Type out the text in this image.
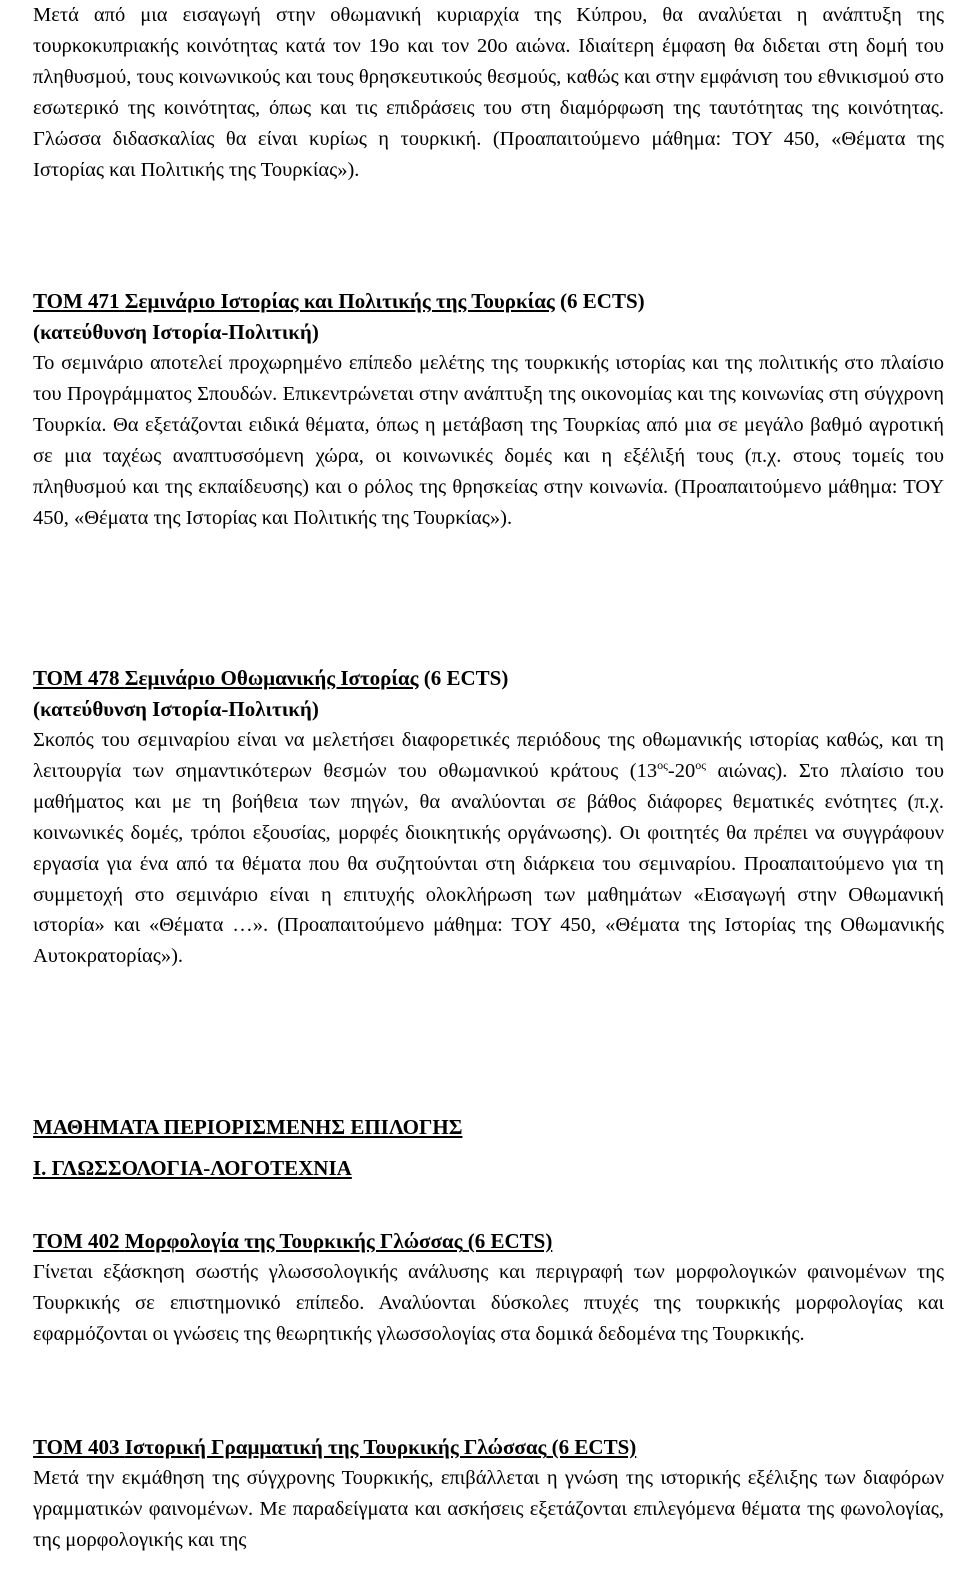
Μετά από μια εισαγωγή στην οθωμανική κυριαρχία της Κύπρου, θα αναλύεται η ανάπτυξη της τουρκοκυπριακής κοινότητας κατά τον 19ο και τον 20ο αιώνα. Ιδιαίτερη έμφαση θα διδεται στη δομή του πληθυσμού, τους κοινωνικούς και τους θρησκευτικούς θεσμούς, καθώς και στην εμφάνιση του εθνικισμού στο εσωτερικό της κοινότητας, όπως και τις επιδράσεις του στη διαμόρφωση της ταυτότητας της κοινότητας. Γλώσσα διδασκαλίας θα είναι κυρίως η τουρκική. (Προαπαιτούμενο μάθημα: ΤΟΥ 450, «Θέματα της Ιστορίας και Πολιτικής της Τουρκίας»).

ΤΟΜ 471 Σεμινάριο Ιστορίας και Πολιτικής της Τουρκίας (6 ECTS)
(κατεύθυνση Ιστορία-Πολιτική)

Το σεμινάριο αποτελεί προχωρημένο επίπεδο μελέτης της τουρκικής ιστορίας και της πολιτικής στο πλαίσιο του Προγράμματος Σπουδών. Επικεντρώνεται στην ανάπτυξη της οικονομίας και της κοινωνίας στη σύγχρονη Τουρκία. Θα εξετάζονται ειδικά θέματα, όπως η μετάβαση της Τουρκίας από μια σε μεγάλο βαθμό αγροτική σε μια ταχέως αναπτυσσόμενη χώρα, οι κοινωνικές δομές και η εξέλιξή τους (π.χ. στους τομείς του πληθυσμού και της εκπαίδευσης) και ο ρόλος της θρησκείας στην κοινωνία. (Προαπαιτούμενο μάθημα: ΤΟΥ 450, «Θέματα της Ιστορίας και Πολιτικής της Τουρκίας»).

ΤΟΜ 478 Σεμινάριο Οθωμανικής Ιστορίας (6 ECTS)
(κατεύθυνση Ιστορία-Πολιτική)

Σκοπός του σεμιναρίου είναι να μελετήσει διαφορετικές περιόδους της οθωμανικής ιστορίας καθώς, και τη λειτουργία των σημαντικότερων θεσμών του οθωμανικού κράτους ($13^{o\varsigma}-20^{o\varsigma}$ αιώνας). Στο πλαίσιο του μαθήματος και με τη βοήθεια των πηγών, θα αναλύονται σε βάθος διάφορες θεματικές ενότητες (π.χ. κοινωνικές δομές, τρόποι εξουσίας, μορφές διοικητικής οργάνωσης). Οι φοιτητές θα πρέπει να συγγράφουν εργασία για ένα από τα θέματα που θα συζητούνται στη διάρκεια του σεμιναρίου. Προαπαιτούμενο για τη συμμετοχή στο σεμινάριο είναι η επιτυχής ολοκλήρωση των μαθημάτων «Εισαγωγή στην Οθωμανική ιστορία» και «Θέματα …». (Προαπαιτούμενο μάθημα: ΤΟΥ 450, «Θέματα της Ιστορίας της Οθωμανικής Αυτοκρατορίας»).

ΜΑΘΗΜΑΤΑ ΠΕΡΙΟΡΙΣΜΕΝΗΣ ΕΠΙΛΟΓΗΣ
Ι. ΓΛΩΣΣΟΛΟΓΙΑ-ΛΟΓΟΤΕΧΝΙΑ
ΤΟΜ 402 Μορφολογία της Τουρκικής Γλώσσας (6 ECTS)

Γίνεται εξάσκηση σωστής γλωσσολογικής ανάλυσης και περιγραφή των μορφολογικών φαινομένων της Τουρκικής σε επιστημονικό επίπεδο. Αναλύονται δύσκολες πτυχές της τουρκικής μορφολογίας και εφαρμόζονται οι γνώσεις της θεωρητικής γλωσσολογίας στα δομικά δεδομένα της Τουρκικής.

ΤΟΜ 403 Ιστορική Γραμματική της Τουρκικής Γλώσσας (6 ECTS)

Μετά την εκμάθηση της σύγχρονης Τουρκικής, επιβάλλεται η γνώση της ιστορικής εξέλιξης των διαφόρων γραμματικών φαινομένων. Με παραδείγματα και ασκήσεις εξετάζονται επιλεγόμενα θέματα της φωνολογίας, της μορφολογικής και της
